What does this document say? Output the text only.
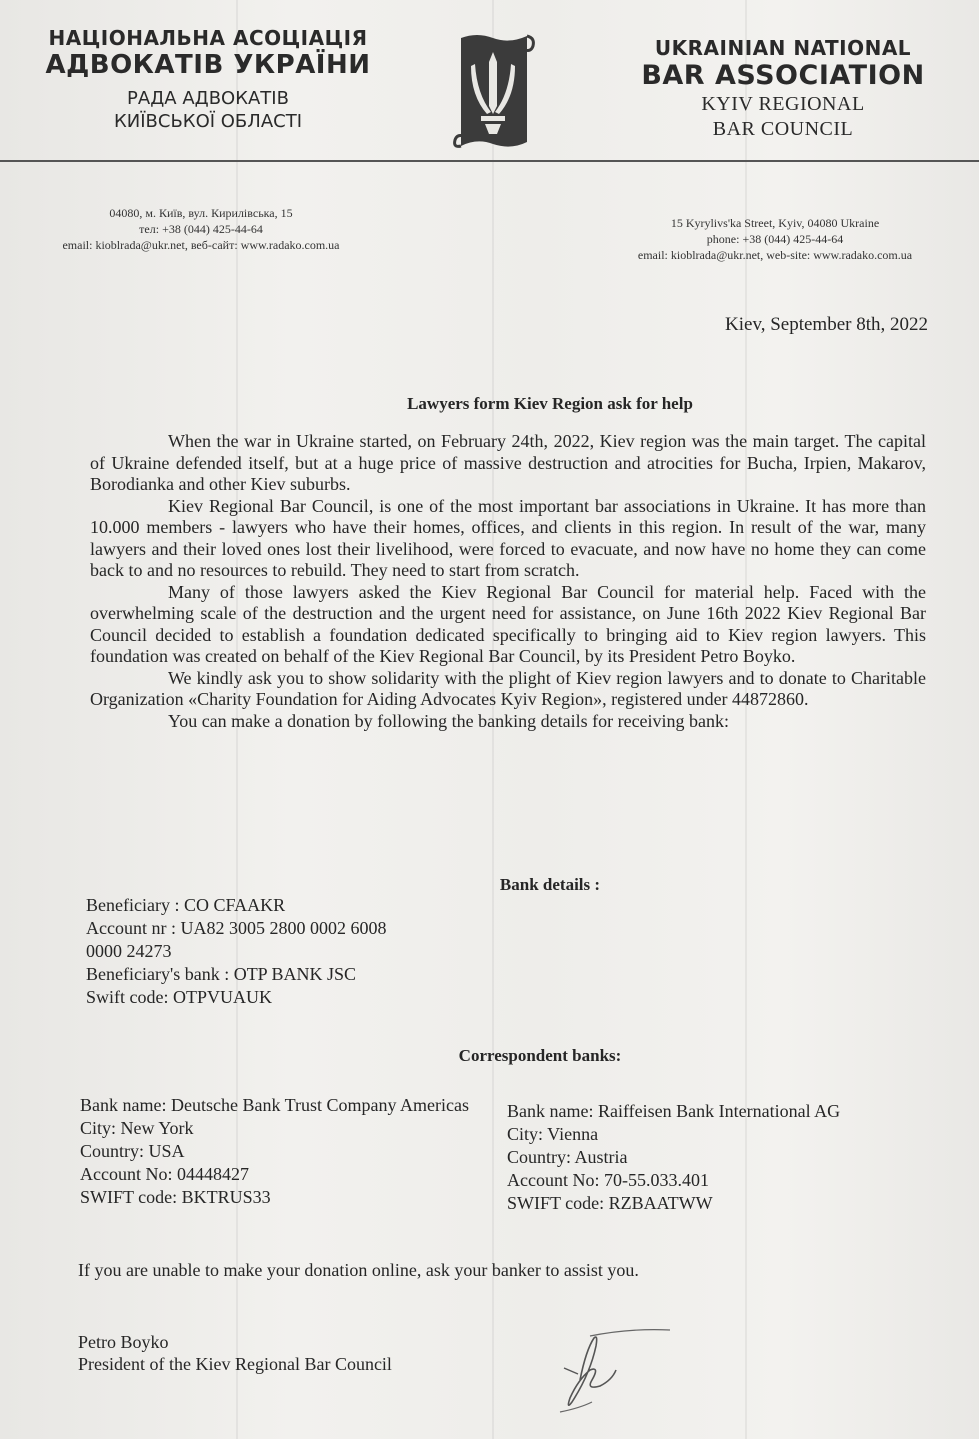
НАЦІОНАЛЬНА АСОЦІАЦІЯ
АДВОКАТІВ УКРАЇНИ
РАДА АДВОКАТІВ
КИЇВСЬКОЇ ОБЛАСТІ
UKRAINIAN NATIONAL
BAR ASSOCIATION
KYIV REGIONAL
BAR COUNCIL
04080, м. Київ, вул. Кирилівська, 15
тел: +38 (044) 425-44-64
email: kioblrada@ukr.net, веб-сайт: www.radako.com.ua
15 Kyrylivs'ka Street, Kyiv, 04080 Ukraine
phone: +38 (044) 425-44-64
email: kioblrada@ukr.net, web-site: www.radako.com.ua
Kiev, September 8th, 2022
Lawyers form Kiev Region ask for help

When the war in Ukraine started, on February 24th, 2022, Kiev region was the main target. The capital of Ukraine defended itself, but at a huge price of massive destruction and atrocities for Bucha, Irpien, Makarov, Borodianka and other Kiev suburbs.

Kiev Regional Bar Council, is one of the most important bar associations in Ukraine. It has more than 10.000 members - lawyers who have their homes, offices, and clients in this region. In result of the war, many lawyers and their loved ones lost their livelihood, were forced to evacuate, and now have no home they can come back to and no resources to rebuild. They need to start from scratch.

Many of those lawyers asked the Kiev Regional Bar Council for material help. Faced with the overwhelming scale of the destruction and the urgent need for assistance, on June 16th 2022 Kiev Regional Bar Council decided to establish a foundation dedicated specifically to bringing aid to Kiev region lawyers. This foundation was created on behalf of the Kiev Regional Bar Council, by its President Petro Boyko.

We kindly ask you to show solidarity with the plight of Kiev region lawyers and to donate to Charitable Organization «Charity Foundation for Aiding Advocates Kyiv Region», registered under 44872860.

You can make a donation by following the banking details for receiving bank:

Bank details :
Beneficiary : CO CFAAKR
Account nr : UA82 3005 2800 0002 6008
0000 24273
Beneficiary's bank : OTP BANK JSC
Swift code: OTPVUAUK
Correspondent banks:
Bank name: Deutsche Bank Trust Company Americas
City: New York
Country: USA
Account No: 04448427
SWIFT code: BKTRUS33
Bank name: Raiffeisen Bank International AG
City: Vienna
Country: Austria
Account No: 70-55.033.401
SWIFT code: RZBAATWW
If you are unable to make your donation online, ask your banker to assist you.
Petro Boyko
President of the Kiev Regional Bar Council
